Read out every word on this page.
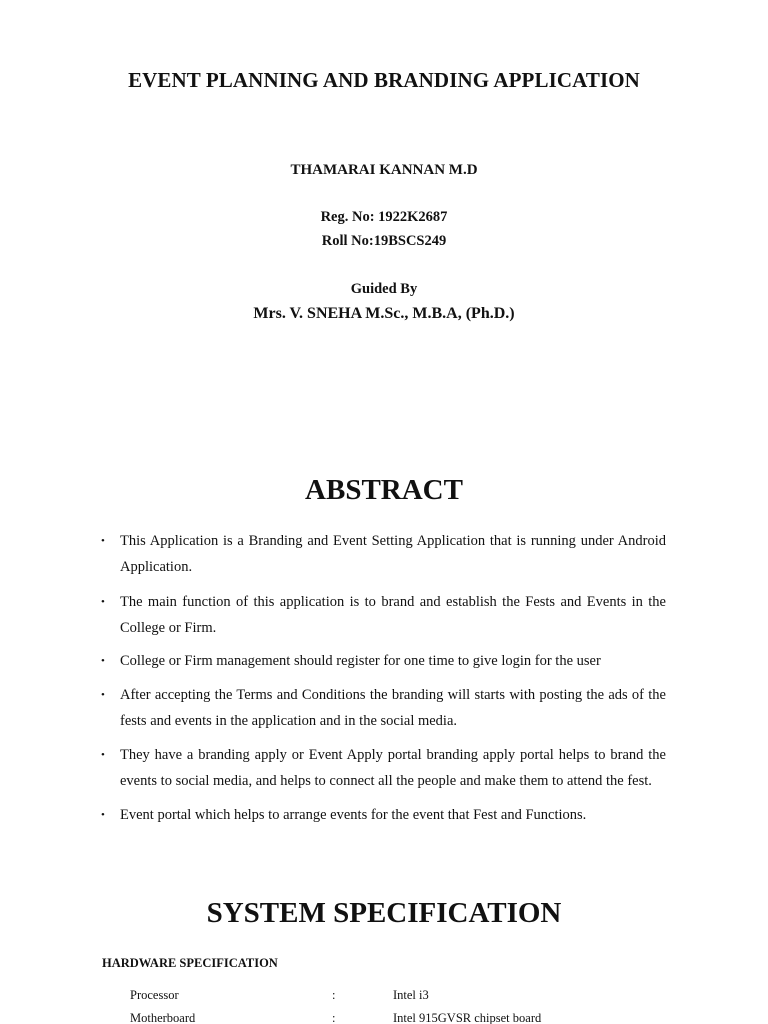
EVENT PLANNING AND BRANDING APPLICATION
THAMARAI KANNAN M.D
Reg. No: 1922K2687
Roll No:19BSCS249
Guided By
Mrs. V. SNEHA M.Sc., M.B.A, (Ph.D.)
ABSTRACT
• This Application is a Branding and Event Setting Application that is running under Android Application.
• The main function of this application is to brand and establish the Fests and Events in the College or Firm.
• College or Firm management should register for one time to give login for the user
• After accepting the Terms and Conditions the branding will starts with posting the ads of the fests and events in the application and in the social media.
• They have a branding apply or Event Apply portal branding apply portal helps to brand the events to social media, and helps to connect all the people and make them to attend the fest.
• Event portal which helps to arrange events for the event that Fest and Functions.
SYSTEM SPECIFICATION
HARDWARE SPECIFICATION
Processor	:	Intel i3
Motherboard	:	Intel 915GVSR chipset board
